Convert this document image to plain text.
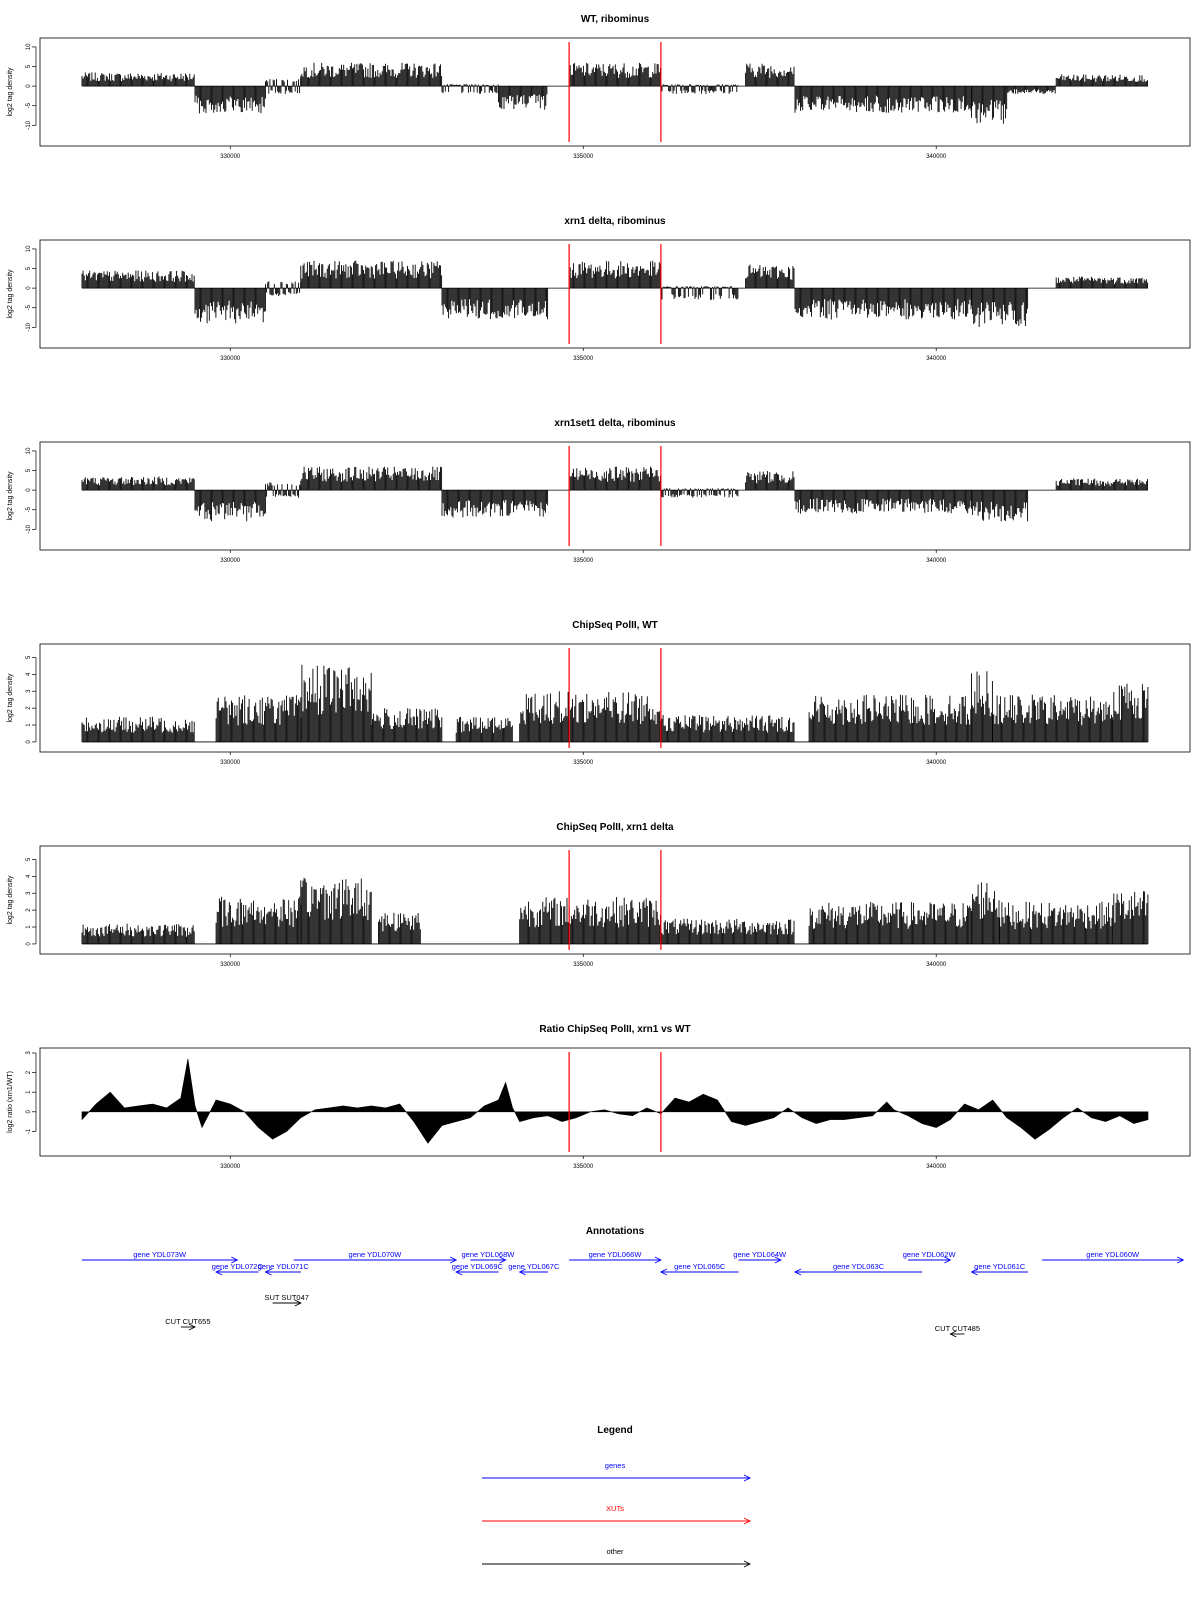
WT, ribominus
-10
-5
0
5
10
log2 tag density
330000	335000	340000
xrn1 delta, ribominus
-10
-5
0
5
10
log2 tag density
330000	335000	340000
xrn1set1 delta, ribominus
-10
-5
0
5
10
log2 tag density
330000	335000	340000
ChipSeq PolII, WT
0
1
2
3
4
5
log2 tag density
330000	335000	340000
ChipSeq PolII, xrn1 delta
0
1
2
3
4
5
log2 tag density
330000	335000	340000
Ratio ChipSeq PolII, xrn1 vs WT
-1
0
1
2
3
log2 ratio (xrn1/WT)
330000	335000	340000
Annotations
gene YDL073W
gene YDL072C
gene YDL071C
gene YDL070W	gene YDL068W
gene YDL069C gene YDL067C
gene YDL066W
gene YDL065C
gene YDL064W
gene YDL063C
gene YDL062W
gene YDL061C
gene YDL060W
SUT SUT047
CUT CUT655
CUT CUT485
Legend
genes
XUTs
other
